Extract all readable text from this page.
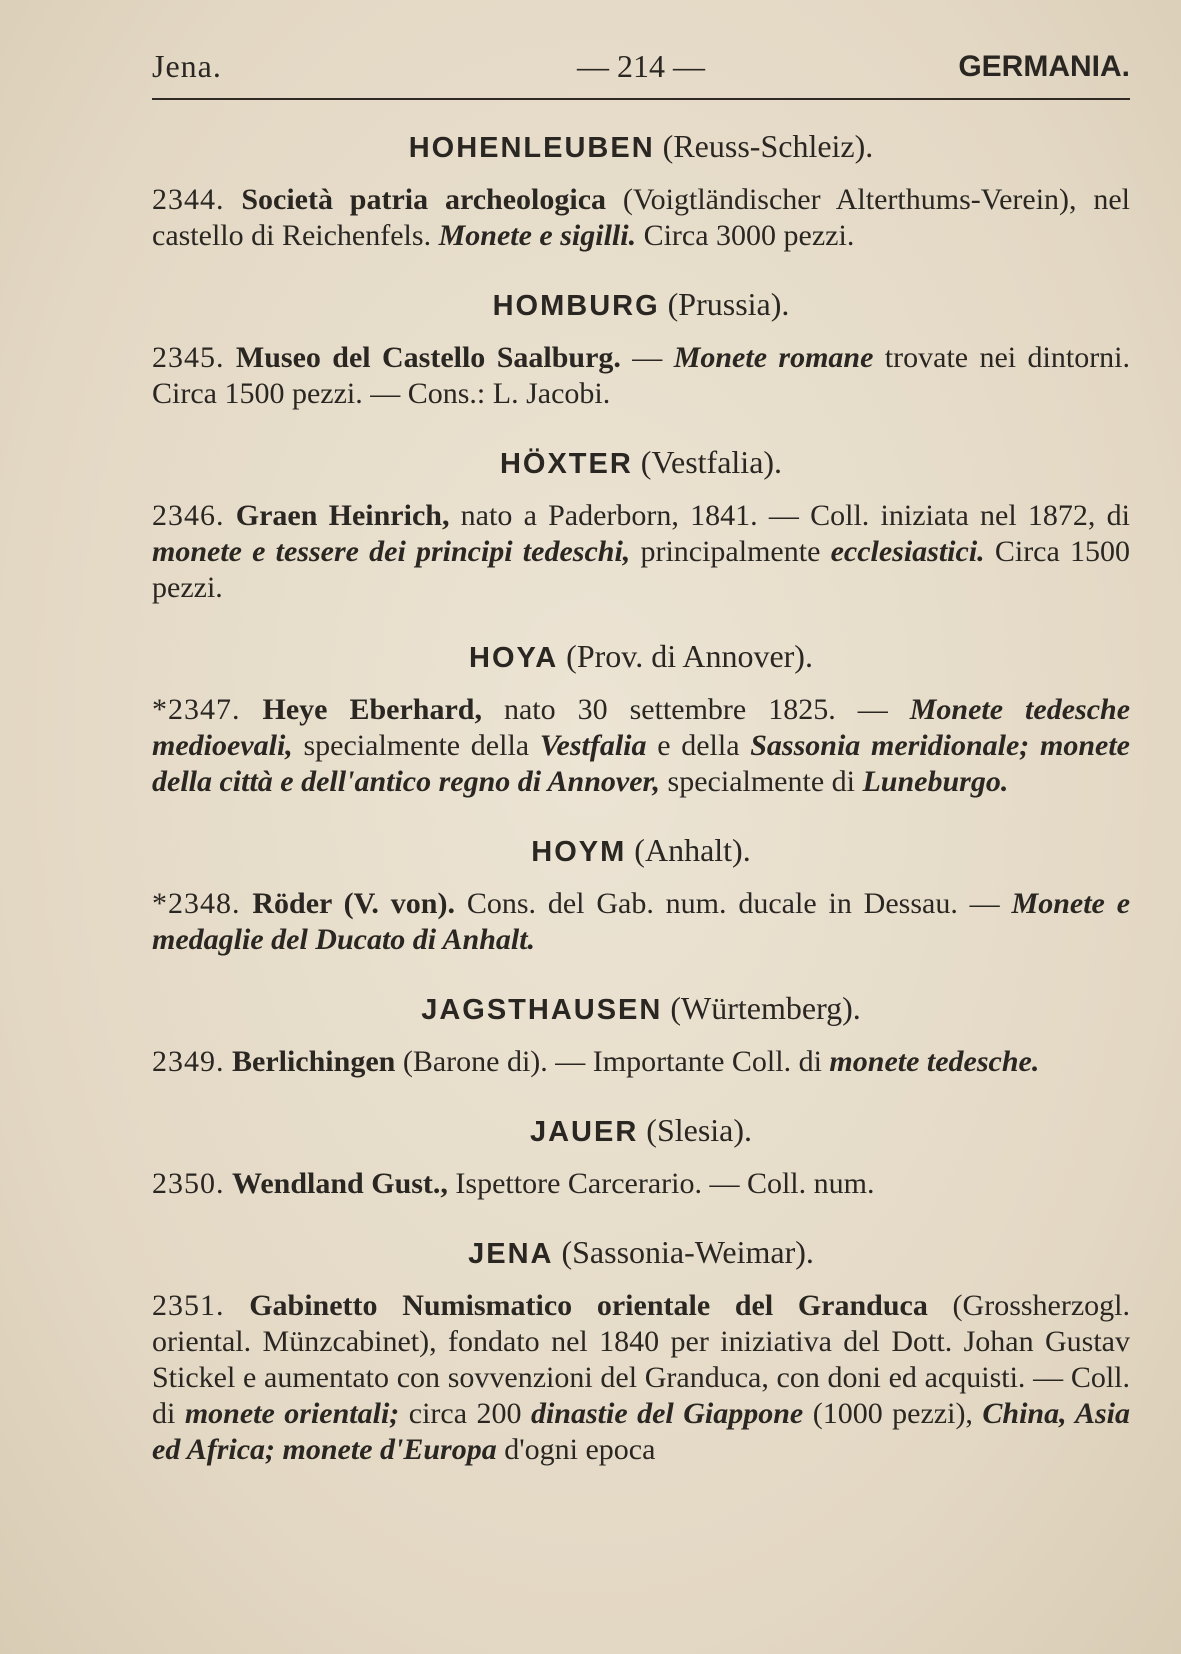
Jena.	— 214 —	GERMANIA.
HOHENLEUBEN (Reuss-Schleiz).
2344. Società patria archeologica (Voigtländischer Alterthums-Verein), nel castello di Reichenfels. Monete e sigilli. Circa 3000 pezzi.
HOMBURG (Prussia).
2345. Museo del Castello Saalburg. — Monete romane trovate nei dintorni. Circa 1500 pezzi. — Cons.: L. Jacobi.
HÖXTER (Vestfalia).
2346. Graen Heinrich, nato a Paderborn, 1841. — Coll. iniziata nel 1872, di monete e tessere dei principi tedeschi, principalmente ecclesiastici. Circa 1500 pezzi.
HOYA (Prov. di Annover).
*2347. Heye Eberhard, nato 30 settembre 1825. — Monete tedesche medioevali, specialmente della Vestfalia e della Sassonia meridionale; monete della città e dell'antico regno di Annover, specialmente di Luneburgo.
HOYM (Anhalt).
*2348. Röder (V. von). Cons. del Gab. num. ducale in Dessau. — Monete e medaglie del Ducato di Anhalt.
JAGSTHAUSEN (Würtemberg).
2349. Berlichingen (Barone di). — Importante Coll. di monete tedesche.
JAUER (Slesia).
2350. Wendland Gust., Ispettore Carcerario. — Coll. num.
JENA (Sassonia-Weimar).
2351. Gabinetto Numismatico orientale del Granduca (Grossherzogl. oriental. Münzcabinet), fondato nel 1840 per iniziativa del Dott. Johan Gustav Stickel e aumentato con sovvenzioni del Granduca, con doni ed acquisti. — Coll. di monete orientali; circa 200 dinastie del Giappone (1000 pezzi), China, Asia ed Africa; monete d'Europa d'ogni epoca
